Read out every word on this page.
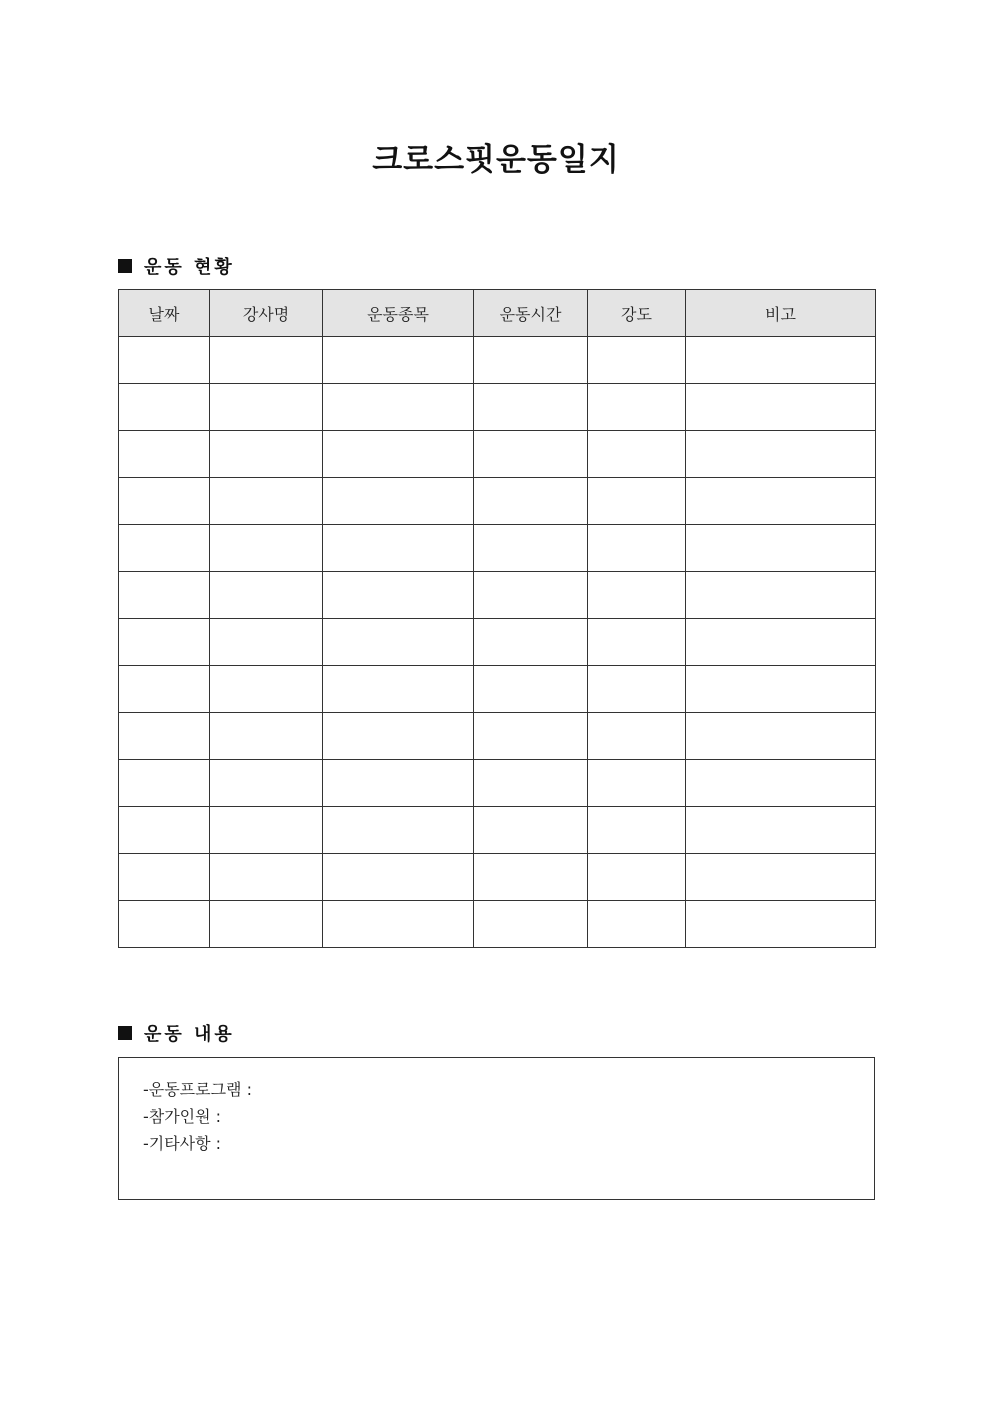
크로스핏운동일지
운동 현황
날짜	강사명	운동종목	운동시간	강도	비고

운동 내용
-운동프로그램 :
-참가인원 :
-기타사항 :
